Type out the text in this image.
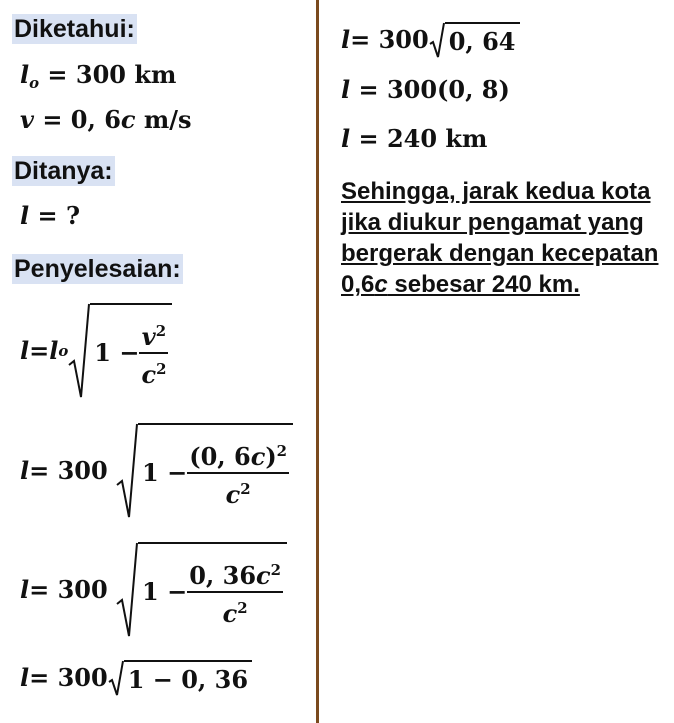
Diketahui:
$l_o = 300$ km
v = 0, 6c m/s
Ditanya:
l = ?
Penyelesaian:
l = l o $1 - \frac{v^2}{c^2}$
l = 300
$1 - \frac{(0, 6c)^2}{c^2}$
l = 300
$1 - \frac{0, 36c^2}{c^2}$
l = 300 1 − 0, 36
l = 300 0, 64
l = 300(0, 8)
l = 240 km
Sehingga, jarak kedua kota jika diukur pengamat yang bergerak dengan kecepatan 0,6c sebesar 240 km.
